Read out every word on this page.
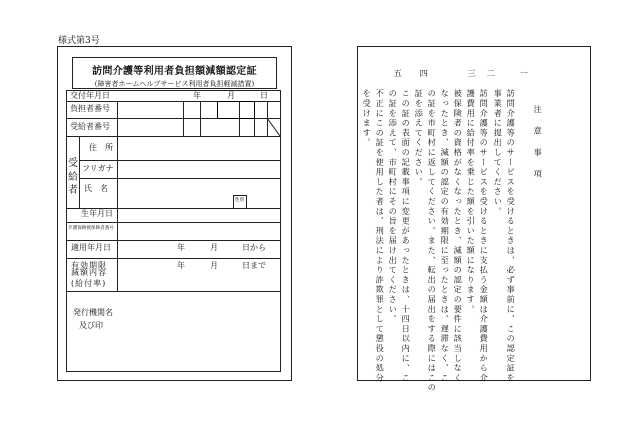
様式第3号
訪問介護等利用者負担額減額認定証
(障害者ホームヘルプサービス利用者負担軽減措置)
交付年月日	年	月	日
負担者番号
受給者番号
受給者
住　所
フリガナ
氏　名
生年月日
性別
介護保険被保険者番号
適用年月日	年	月	日から
有効期限	年	月	日まで
減額内容
(給付率)
発行機関名
及び印
注　意　事　項
一
訪問介護等のサービスを受けるときは、必ず事前に、この認定証を
事業者に提出してください。
二
訪問介護等のサービスを受けるときに支払う金額は介護費用から介
護費用に給付率を乗じた額を引いた額になります。
三
被保険者の資格がなくなったとき、減額の認定の要件に該当しなく
なったとき、減額の認定の有効期限に至ったときは、遅滞なく、こ
の証を市町村に返してください。また、転出の届出をする際にはこの
証を添えてください。
四
この証の表面の記載事項に変更があったときは、十四日以内に、こ
の証を添えて、市町村にその旨を届け出てください。
五
不正にこの証を使用した者は、刑法により詐欺罪として懲役の処分
を受けます。
